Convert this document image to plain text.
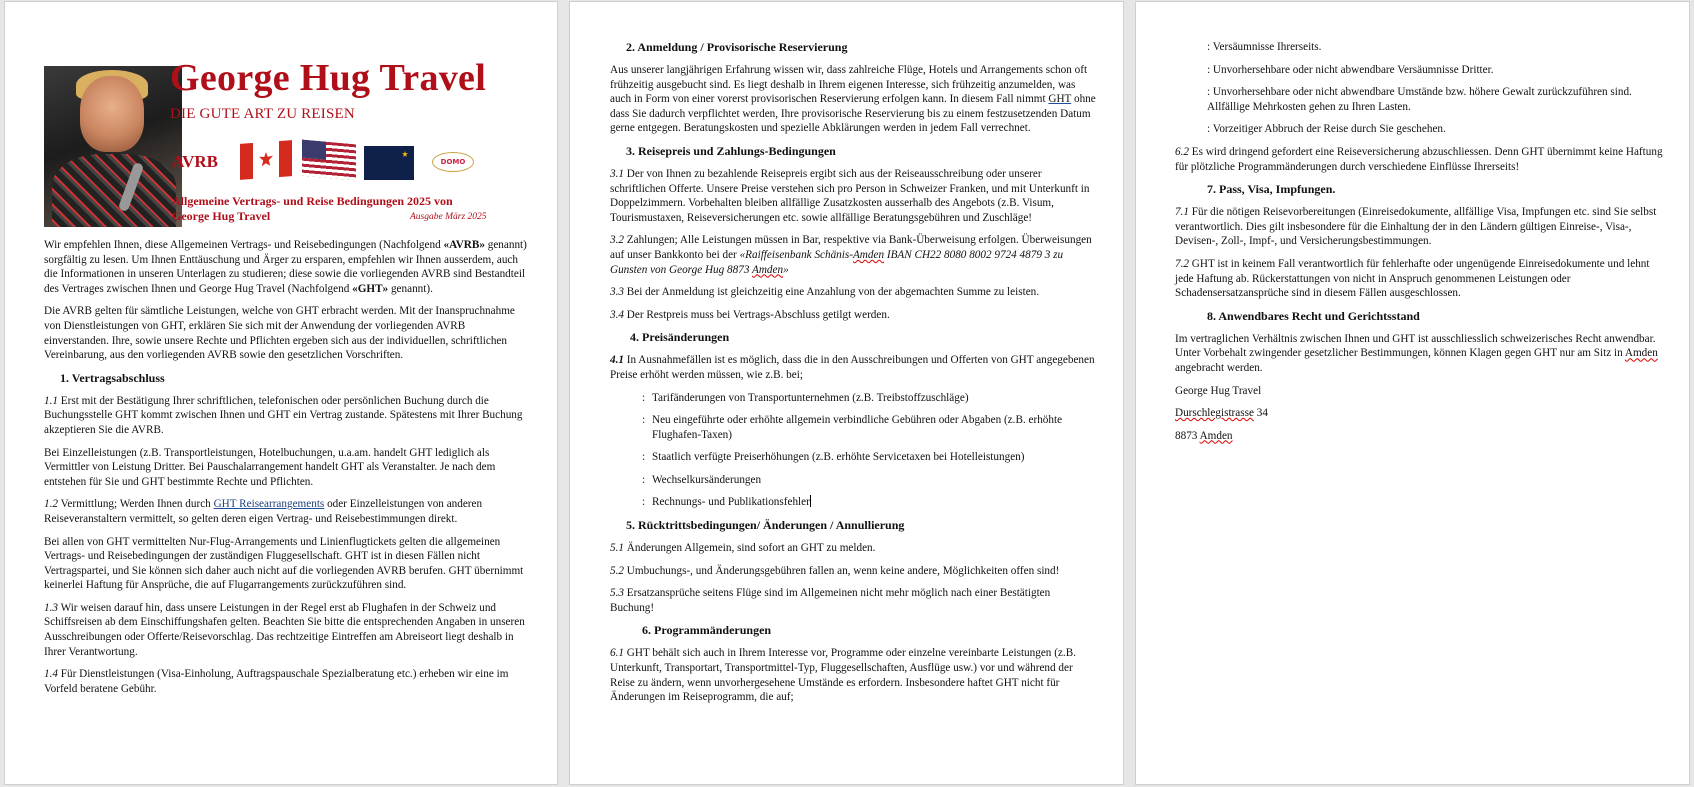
George Hug Travel
DIE GUTE ART ZU REISEN
AVRB	DOMO
Allgemeine Vertrags- und Reise Bedingungen 2025 von
George Hug Travel	Ausgabe März 2025

Wir empfehlen Ihnen, diese Allgemeinen Vertrags- und Reisebedingungen (Nachfolgend «AVRB» genannt) sorgfältig zu lesen. Um Ihnen Enttäuschung und Ärger zu ersparen, empfehlen wir Ihnen ausserdem, auch die Informationen in unseren Unterlagen zu studieren; diese sowie die vorliegenden AVRB sind Bestandteil des Vertrages zwischen Ihnen und George Hug Travel (Nachfolgend «GHT» genannt).

Die AVRB gelten für sämtliche Leistungen, welche von GHT erbracht werden. Mit der Inanspruchnahme von Dienstleistungen von GHT, erklären Sie sich mit der Anwendung der vorliegenden AVRB einverstanden. Ihre, sowie unsere Rechte und Pflichten ergeben sich aus der individuellen, schriftlichen Vereinbarung, aus den vorliegenden AVRB sowie den gesetzlichen Vorschriften.

1. Vertragsabschluss

1.1 Erst mit der Bestätigung Ihrer schriftlichen, telefonischen oder persönlichen Buchung durch die Buchungsstelle GHT kommt zwischen Ihnen und GHT ein Vertrag zustande. Spätestens mit Ihrer Buchung akzeptieren Sie die AVRB.

Bei Einzelleistungen (z.B. Transportleistungen, Hotelbuchungen, u.a.am. handelt GHT lediglich als Vermittler von Leistung Dritter. Bei Pauschalarrangement handelt GHT als Veranstalter. Je nach dem entstehen für Sie und GHT bestimmte Rechte und Pflichten.

1.2 Vermittlung; Werden Ihnen durch GHT Reisearrangements oder Einzelleistungen von anderen Reiseveranstaltern vermittelt, so gelten deren eigen Vertrag- und Reisebestimmungen direkt.

Bei allen von GHT vermittelten Nur-Flug-Arrangements und Linienflugtickets gelten die allgemeinen Vertrags- und Reisebedingungen der zuständigen Fluggesellschaft. GHT ist in diesen Fällen nicht Vertragspartei, und Sie können sich daher auch nicht auf die vorliegenden AVRB berufen. GHT übernimmt keinerlei Haftung für Ansprüche, die auf Flugarrangements zurückzuführen sind.

1.3 Wir weisen darauf hin, dass unsere Leistungen in der Regel erst ab Flughafen in der Schweiz und Schiffsreisen ab dem Einschiffungshafen gelten. Beachten Sie bitte die entsprechenden Angaben in unseren Ausschreibungen oder Offerte/Reisevorschlag. Das rechtzeitige Eintreffen am Abreiseort liegt deshalb in Ihrer Verantwortung.

1.4 Für Dienstleistungen (Visa-Einholung, Auftragspauschale Spezialberatung etc.) erheben wir eine im Vorfeld beratene Gebühr.

2. Anmeldung / Provisorische Reservierung

Aus unserer langjährigen Erfahrung wissen wir, dass zahlreiche Flüge, Hotels und Arrangements schon oft frühzeitig ausgebucht sind. Es liegt deshalb in Ihrem eigenen Interesse, sich frühzeitig anzumelden, was auch in Form von einer vorerst provisorischen Reservierung erfolgen kann. In diesem Fall nimmt GHT ohne dass Sie dadurch verpflichtet werden, Ihre provisorische Reservierung bis zu einem festzusetzenden Datum gerne entgegen. Beratungskosten und spezielle Abklärungen werden in jedem Fall verrechnet.

3. Reisepreis und Zahlungs-Bedingungen

3.1 Der von Ihnen zu bezahlende Reisepreis ergibt sich aus der Reiseausschreibung oder unserer schriftlichen Offerte. Unsere Preise verstehen sich pro Person in Schweizer Franken, und mit Unterkunft in Doppelzimmern. Vorbehalten bleiben allfällige Zusatzkosten ausserhalb des Angebots (z.B. Visum, Tourismustaxen, Reiseversicherungen etc. sowie allfällige Beratungsgebühren und Zuschläge!

3.2 Zahlungen; Alle Leistungen müssen in Bar, respektive via Bank-Überweisung erfolgen. Überweisungen auf unser Bankkonto bei der «Raiffeisenbank Schänis-Amden IBAN CH22 8080 8002 9724 4879 3 zu Gunsten von George Hug 8873 Amden»

3.3 Bei der Anmeldung ist gleichzeitig eine Anzahlung von der abgemachten Summe zu leisten.

3.4 Der Restpreis muss bei Vertrags-Abschluss getilgt werden.

4. Preisänderungen

4.1 In Ausnahmefällen ist es möglich, dass die in den Ausschreibungen und Offerten von GHT angegebenen Preise erhöht werden müssen, wie z.B. bei;

: Tarifänderungen von Transportunternehmen (z.B. Treibstoffzuschläge)
: Neu eingeführte oder erhöhte allgemein verbindliche Gebühren oder Abgaben (z.B. erhöhte Flughafen-Taxen)
: Staatlich verfügte Preiserhöhungen (z.B. erhöhte Servicetaxen bei Hotelleistungen)
: Wechselkursänderungen
: Rechnungs- und Publikationsfehler
5. Rücktrittsbedingungen/ Änderungen / Annullierung

5.1 Änderungen Allgemein, sind sofort an GHT zu melden.

5.2 Umbuchungs-, und Änderungsgebühren fallen an, wenn keine andere, Möglichkeiten offen sind!

5.3 Ersatzansprüche seitens Flüge sind im Allgemeinen nicht mehr möglich nach einer Bestätigten Buchung!

6. Programmänderungen

6.1 GHT behält sich auch in Ihrem Interesse vor, Programme oder einzelne vereinbarte Leistungen (z.B. Unterkunft, Transportart, Transportmittel-Typ, Fluggesellschaften, Ausflüge usw.) vor und während der Reise zu ändern, wenn unvorhergesehene Umstände es erfordern. Insbesondere haftet GHT nicht für Änderungen im Reiseprogramm, die auf;

: Versäumnisse Ihrerseits.

: Unvorhersehbare oder nicht abwendbare Versäumnisse Dritter.

: Unvorhersehbare oder nicht abwendbare Umstände bzw. höhere Gewalt zurückzuführen sind. Allfällige Mehrkosten gehen zu Ihren Lasten.

: Vorzeitiger Abbruch der Reise durch Sie geschehen.

6.2 Es wird dringend gefordert eine Reiseversicherung abzuschliessen. Denn GHT übernimmt keine Haftung für plötzliche Programmänderungen durch verschiedene Einflüsse Ihrerseits!

7. Pass, Visa, Impfungen.

7.1 Für die nötigen Reisevorbereitungen (Einreisedokumente, allfällige Visa, Impfungen etc. sind Sie selbst verantwortlich. Dies gilt insbesondere für die Einhaltung der in den Ländern gültigen Einreise-, Visa-, Devisen-, Zoll-, Impf-, und Versicherungsbestimmungen.

7.2 GHT ist in keinem Fall verantwortlich für fehlerhafte oder ungenügende Einreisedokumente und lehnt jede Haftung ab. Rückerstattungen von nicht in Anspruch genommenen Leistungen oder Schadensersatzansprüche sind in diesem Fällen ausgeschlossen.

8. Anwendbares Recht und Gerichtsstand

Im vertraglichen Verhältnis zwischen Ihnen und GHT ist ausschliesslich schweizerisches Recht anwendbar. Unter Vorbehalt zwingender gesetzlicher Bestimmungen, können Klagen gegen GHT nur am Sitz in Amden angebracht werden.

George Hug Travel

Durschlegistrasse 34

8873 Amden
